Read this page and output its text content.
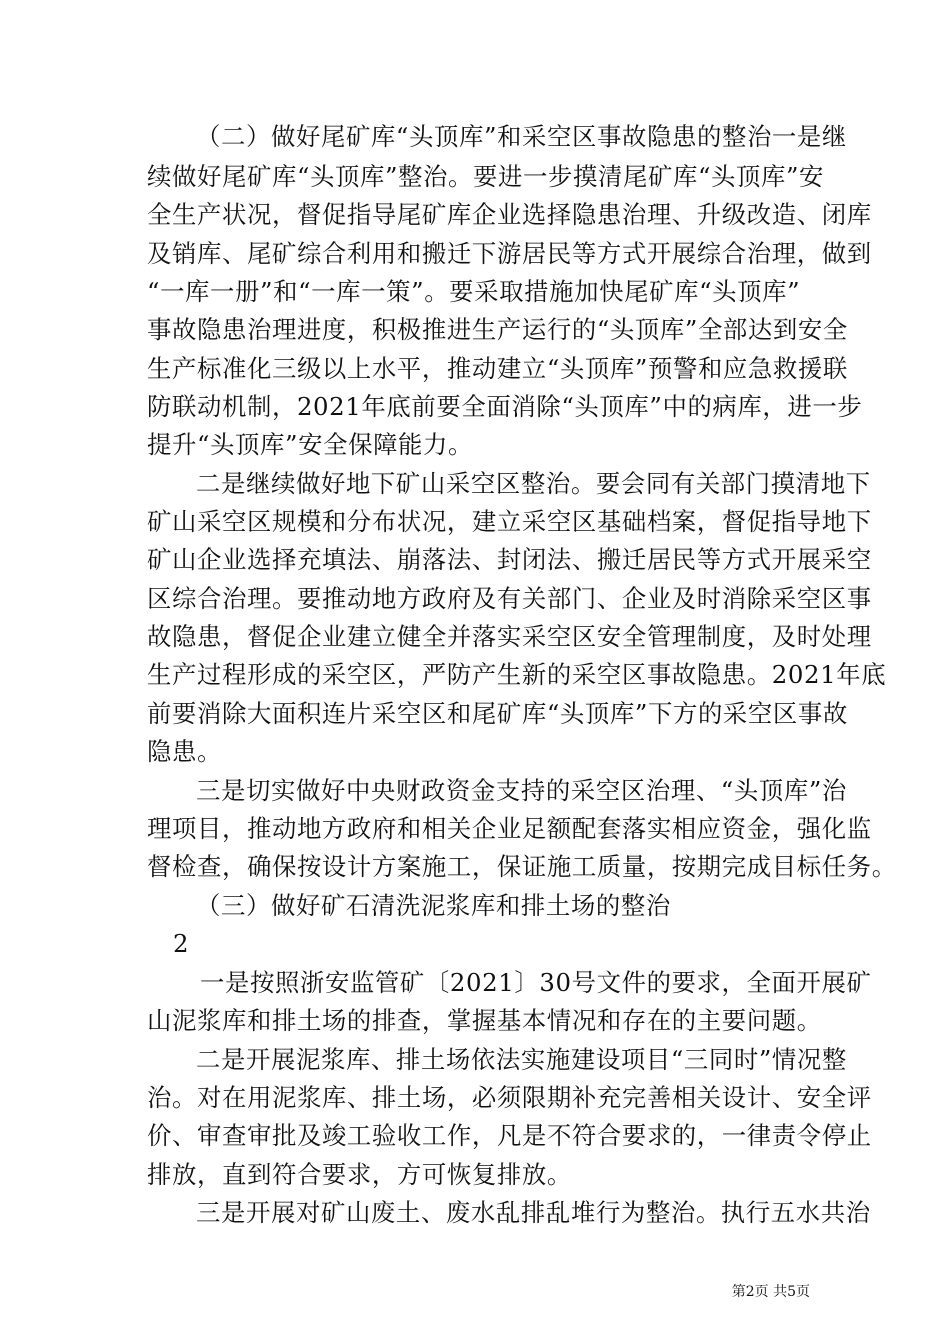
（二）做好尾矿库“头顶库”和采空区事故隐患的整治一是继
续做好尾矿库“头顶库”整治。要进一步摸清尾矿库“头顶库”安
全生产状况，督促指导尾矿库企业选择隐患治理、升级改造、闭库
及销库、尾矿综合利用和搬迁下游居民等方式开展综合治理，做到
“一库一册”和“一库一策”。要采取措施加快尾矿库“头顶库”
事故隐患治理进度，积极推进生产运行的“头顶库”全部达到安全
生产标准化三级以上水平，推动建立“头顶库”预警和应急救援联
防联动机制，2021年底前要全面消除“头顶库”中的病库，进一步
提升“头顶库”安全保障能力。
二是继续做好地下矿山采空区整治。要会同有关部门摸清地下
矿山采空区规模和分布状况，建立采空区基础档案，督促指导地下
矿山企业选择充填法、崩落法、封闭法、搬迁居民等方式开展采空
区综合治理。要推动地方政府及有关部门、企业及时消除采空区事
故隐患，督促企业建立健全并落实采空区安全管理制度，及时处理
生产过程形成的采空区，严防产生新的采空区事故隐患。2021年底
前要消除大面积连片采空区和尾矿库“头顶库”下方的采空区事故
隐患。
三是切实做好中央财政资金支持的采空区治理、“头顶库”治
理项目，推动地方政府和相关企业足额配套落实相应资金，强化监
督检查，确保按设计方案施工，保证施工质量，按期完成目标任务。
（三）做好矿石清洗泥浆库和排土场的整治
2
一是按照浙安监管矿〔2021〕30号文件的要求，全面开展矿
山泥浆库和排土场的排查，掌握基本情况和存在的主要问题。
二是开展泥浆库、排土场依法实施建设项目“三同时”情况整
治。对在用泥浆库、排土场，必须限期补充完善相关设计、安全评
价、审查审批及竣工验收工作，凡是不符合要求的，一律责令停止
排放，直到符合要求，方可恢复排放。
三是开展对矿山废土、废水乱排乱堆行为整治。执行五水共治
第2页 共5页
